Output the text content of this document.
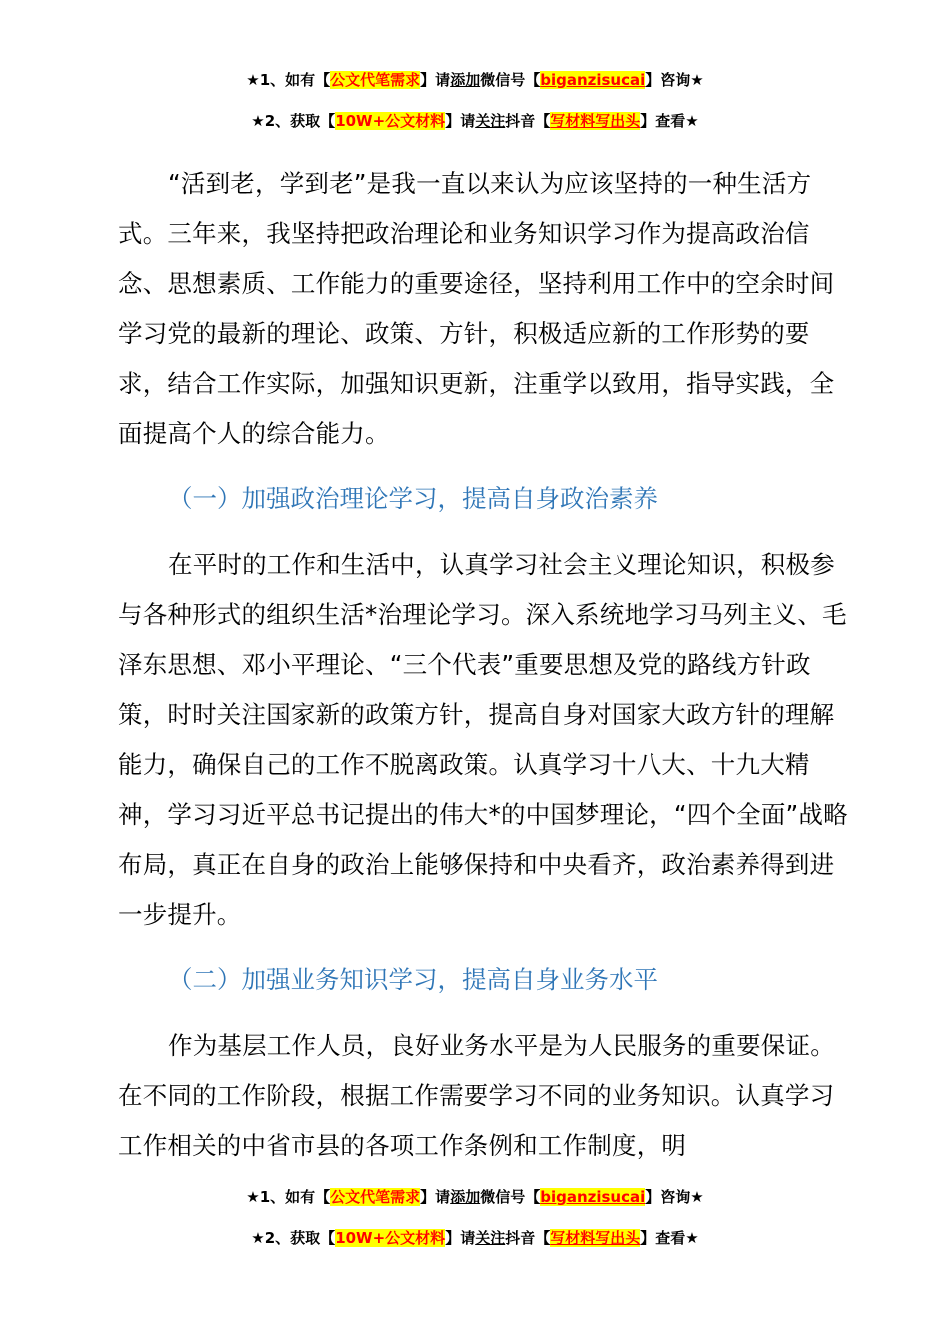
★1、如有【公文代笔需求】请添加微信号【biganzisucai】咨询★
★2、获取【10W+公文材料】请关注抖音【写材料写出头】查看★

“活到老，学到老”是我一直以来认为应该坚持的一种生活方式。三年来，我坚持把政治理论和业务知识学习作为提高政治信念、思想素质、工作能力的重要途径，坚持利用工作中的空余时间学习党的最新的理论、政策、方针，积极适应新的工作形势的要求，结合工作实际，加强知识更新，注重学以致用，指导实践，全面提高个人的综合能力。

（一）加强政治理论学习，提高自身政治素养

在平时的工作和生活中，认真学习社会主义理论知识，积极参与各种形式的组织生活*治理论学习。深入系统地学习马列主义、毛泽东思想、邓小平理论、“三个代表”重要思想及党的路线方针政策，时时关注国家新的政策方针，提高自身对国家大政方针的理解能力，确保自己的工作不脱离政策。认真学习十八大、十九大精神，学习习近平总书记提出的伟大*的中国梦理论，“四个全面”战略布局，真正在自身的政治上能够保持和中央看齐，政治素养得到进一步提升。

（二）加强业务知识学习，提高自身业务水平

作为基层工作人员，良好业务水平是为人民服务的重要保证。在不同的工作阶段，根据工作需要学习不同的业务知识。认真学习工作相关的中省市县的各项工作条例和工作制度，明

★1、如有【公文代笔需求】请添加微信号【biganzisucai】咨询★
★2、获取【10W+公文材料】请关注抖音【写材料写出头】查看★
